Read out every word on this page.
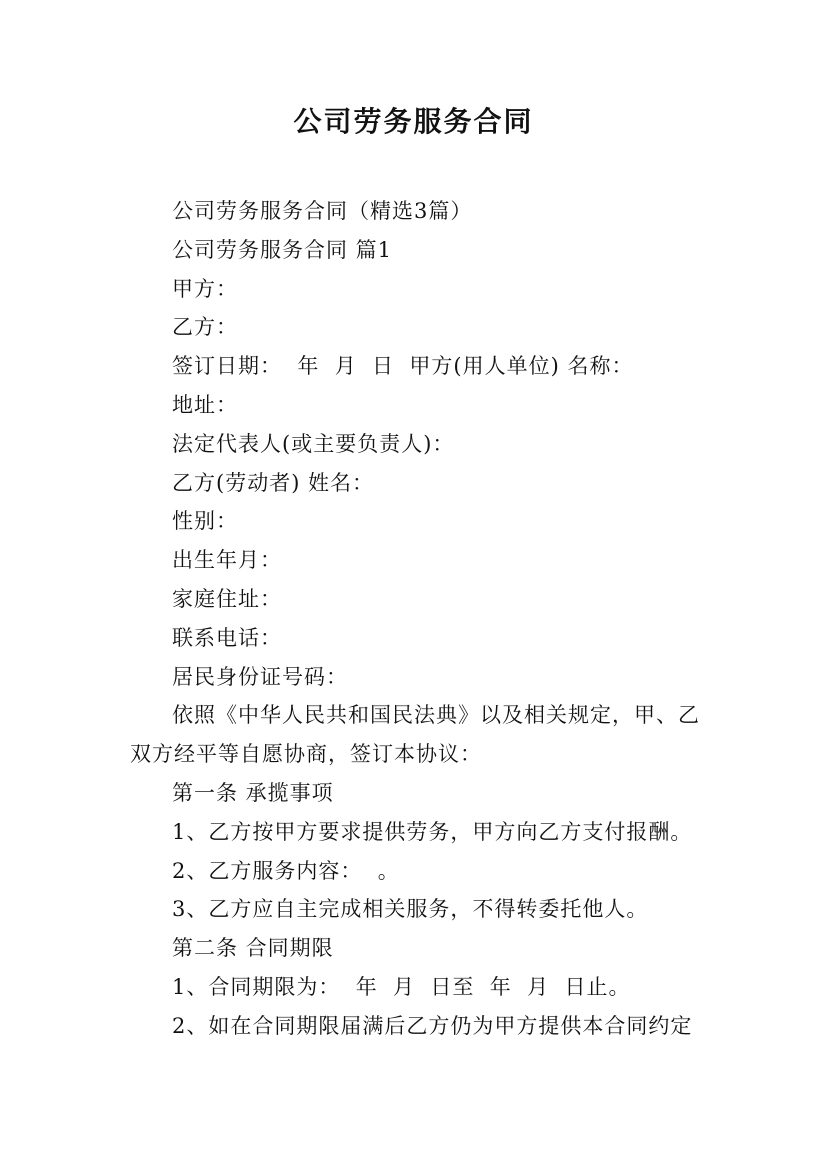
公司劳务服务合同
公司劳务服务合同（精选3篇）
公司劳务服务合同 篇1
甲方：
乙方：
签订日期：  年  月  日  甲方(用人单位) 名称：
地址：
法定代表人(或主要负责人)：
乙方(劳动者) 姓名：
性别：
出生年月：
家庭住址：
联系电话：
居民身份证号码：
依照《中华人民共和国民法典》以及相关规定，甲、乙
双方经平等自愿协商，签订本协议：
第一条 承揽事项
1、乙方按甲方要求提供劳务，甲方向乙方支付报酬。
2、乙方服务内容：  。
3、乙方应自主完成相关服务，不得转委托他人。
第二条 合同期限
1、合同期限为：  年  月  日至  年  月  日止。
2、如在合同期限届满后乙方仍为甲方提供本合同约定
